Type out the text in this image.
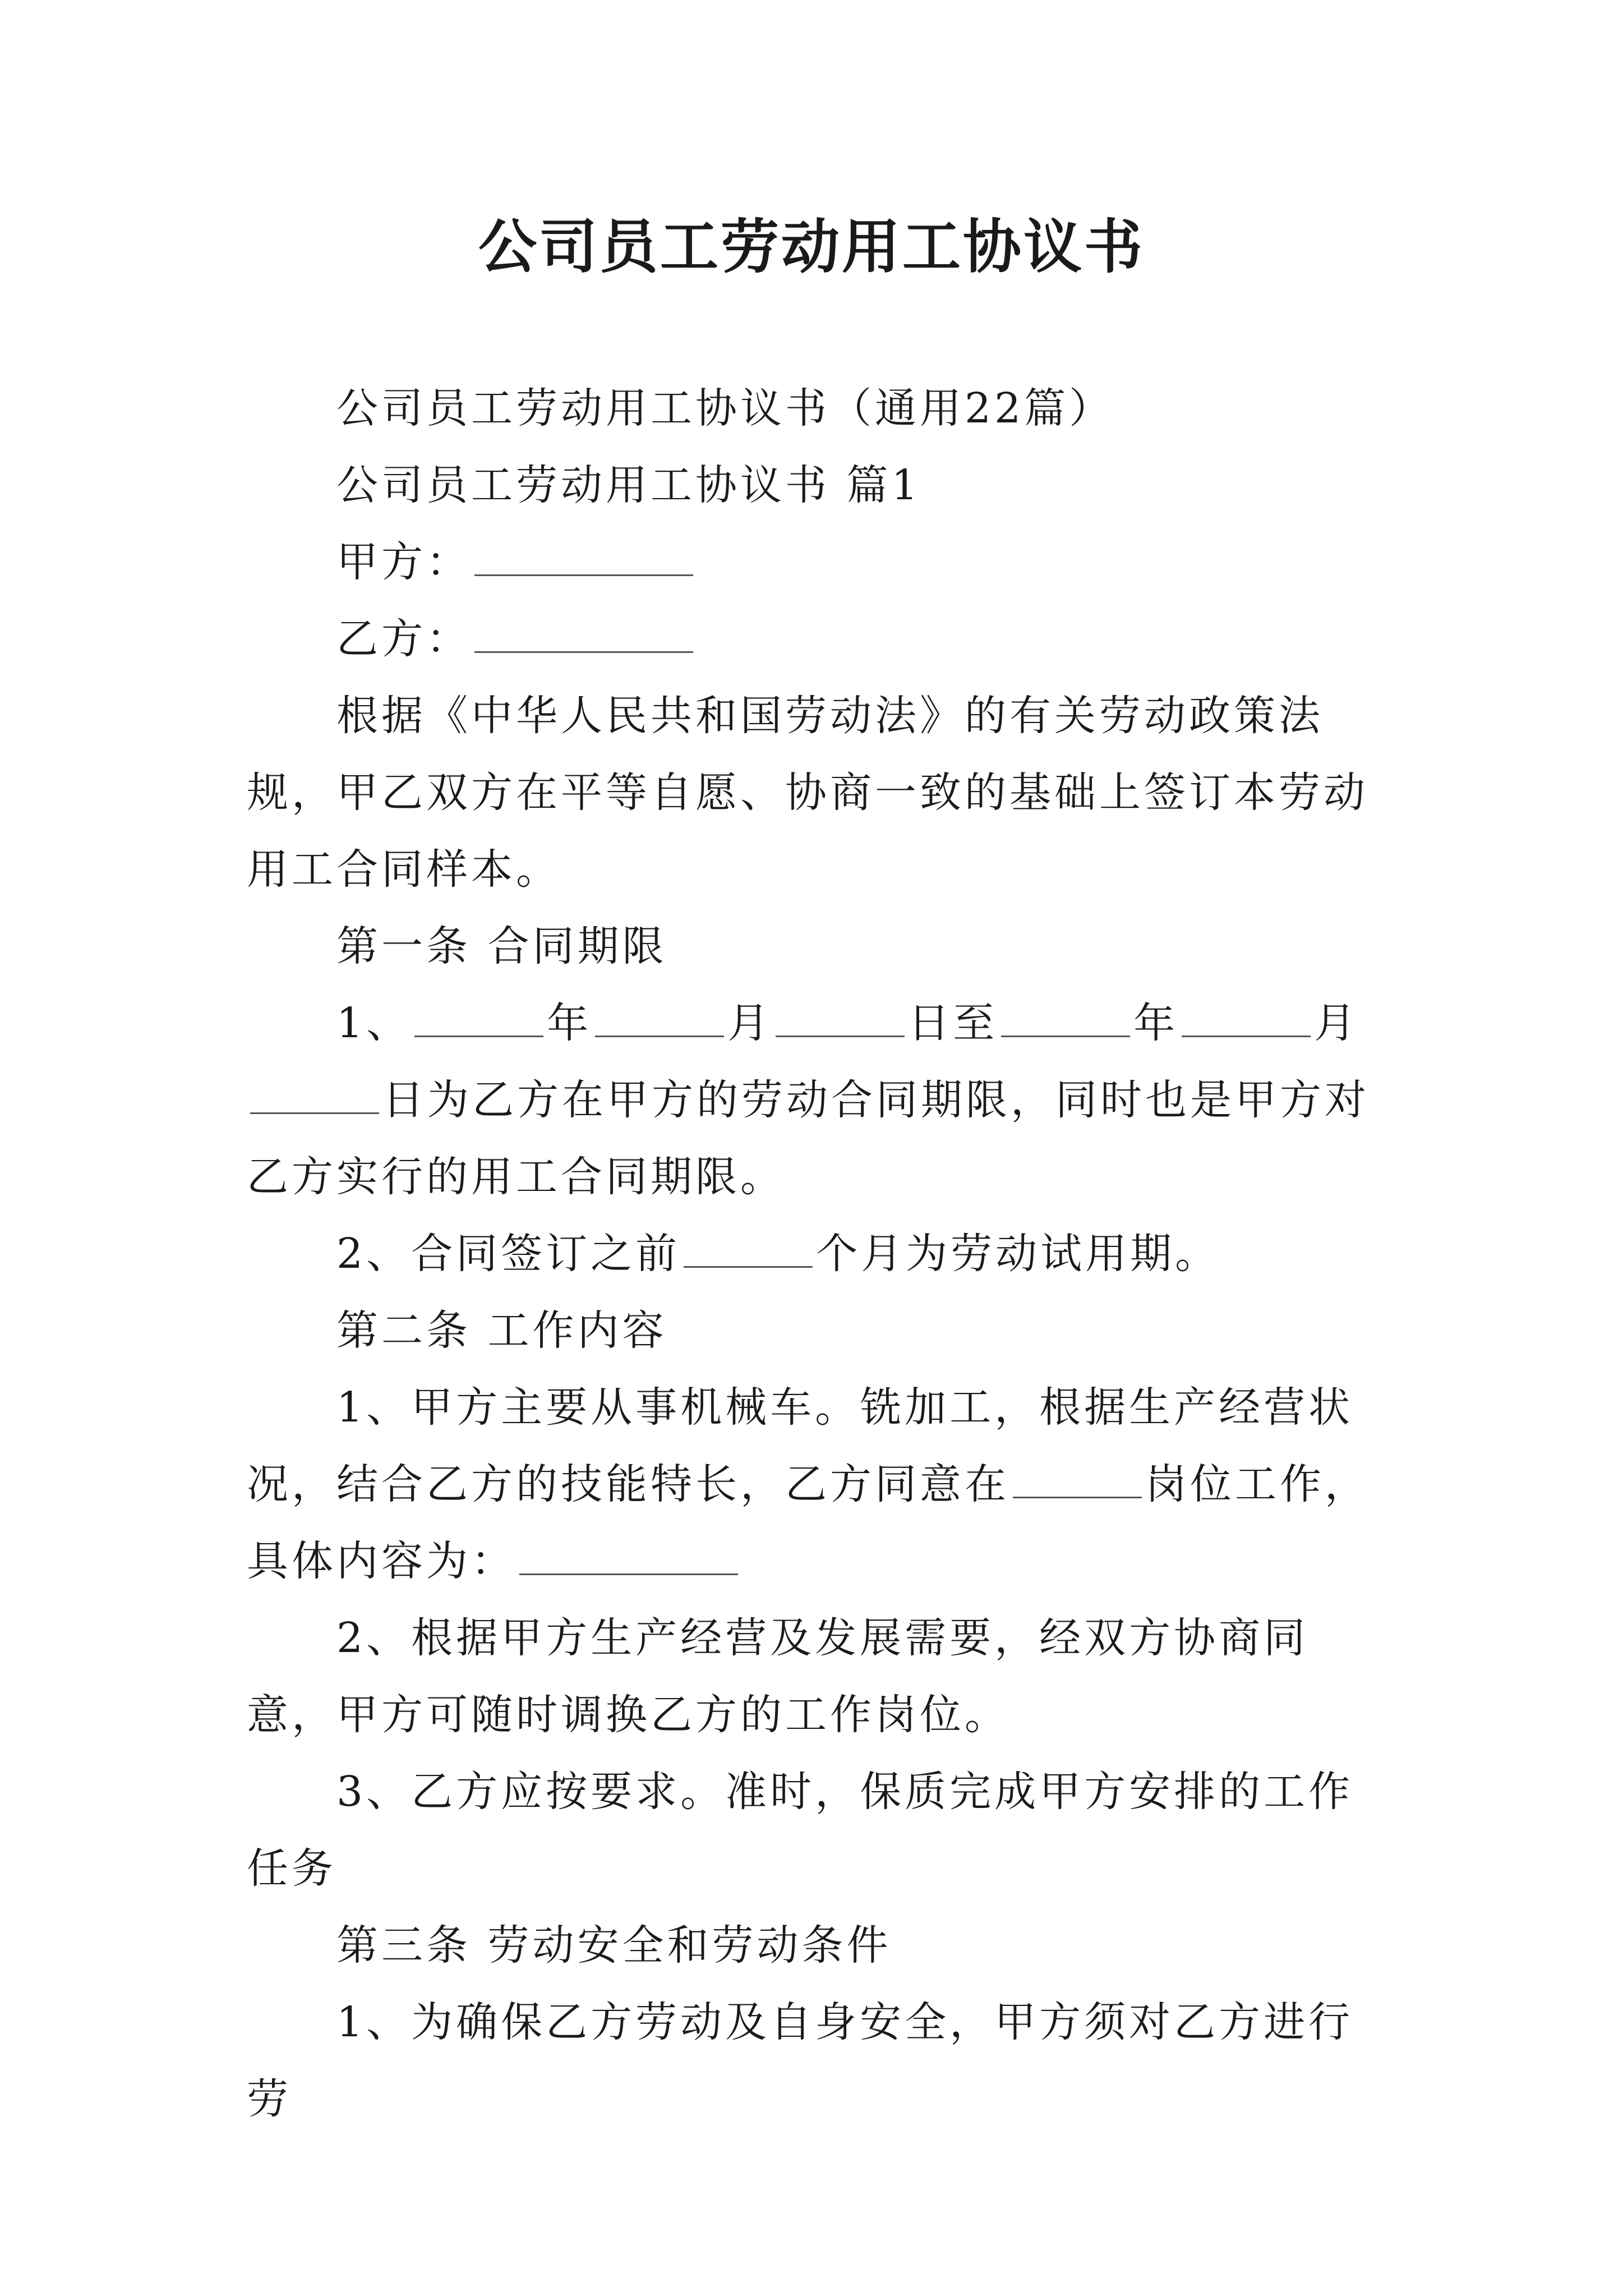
公司员工劳动用工协议书

公司员工劳动用工协议书（通用22篇）

公司员工劳动用工协议书 篇1

甲方：

乙方：

根据《中华人民共和国劳动法》的有关劳动政策法规，甲乙双方在平等自愿、协商一致的基础上签订本劳动用工合同样本。

第一条 合同期限

1、	年	月	日至	年	月日为乙方在甲方的劳动合同期限，同时也是甲方对乙方实行的用工合同期限。

2、合同签订之前	个月为劳动试用期。

第二条 工作内容

1、甲方主要从事机械车。铣加工，根据生产经营状况，结合乙方的技能特长，乙方同意在	岗位工作，具体内容为：

2、根据甲方生产经营及发展需要，经双方协商同意，甲方可随时调换乙方的工作岗位。

3、乙方应按要求。准时，保质完成甲方安排的工作任务

第三条 劳动安全和劳动条件

1、为确保乙方劳动及自身安全，甲方须对乙方进行劳
